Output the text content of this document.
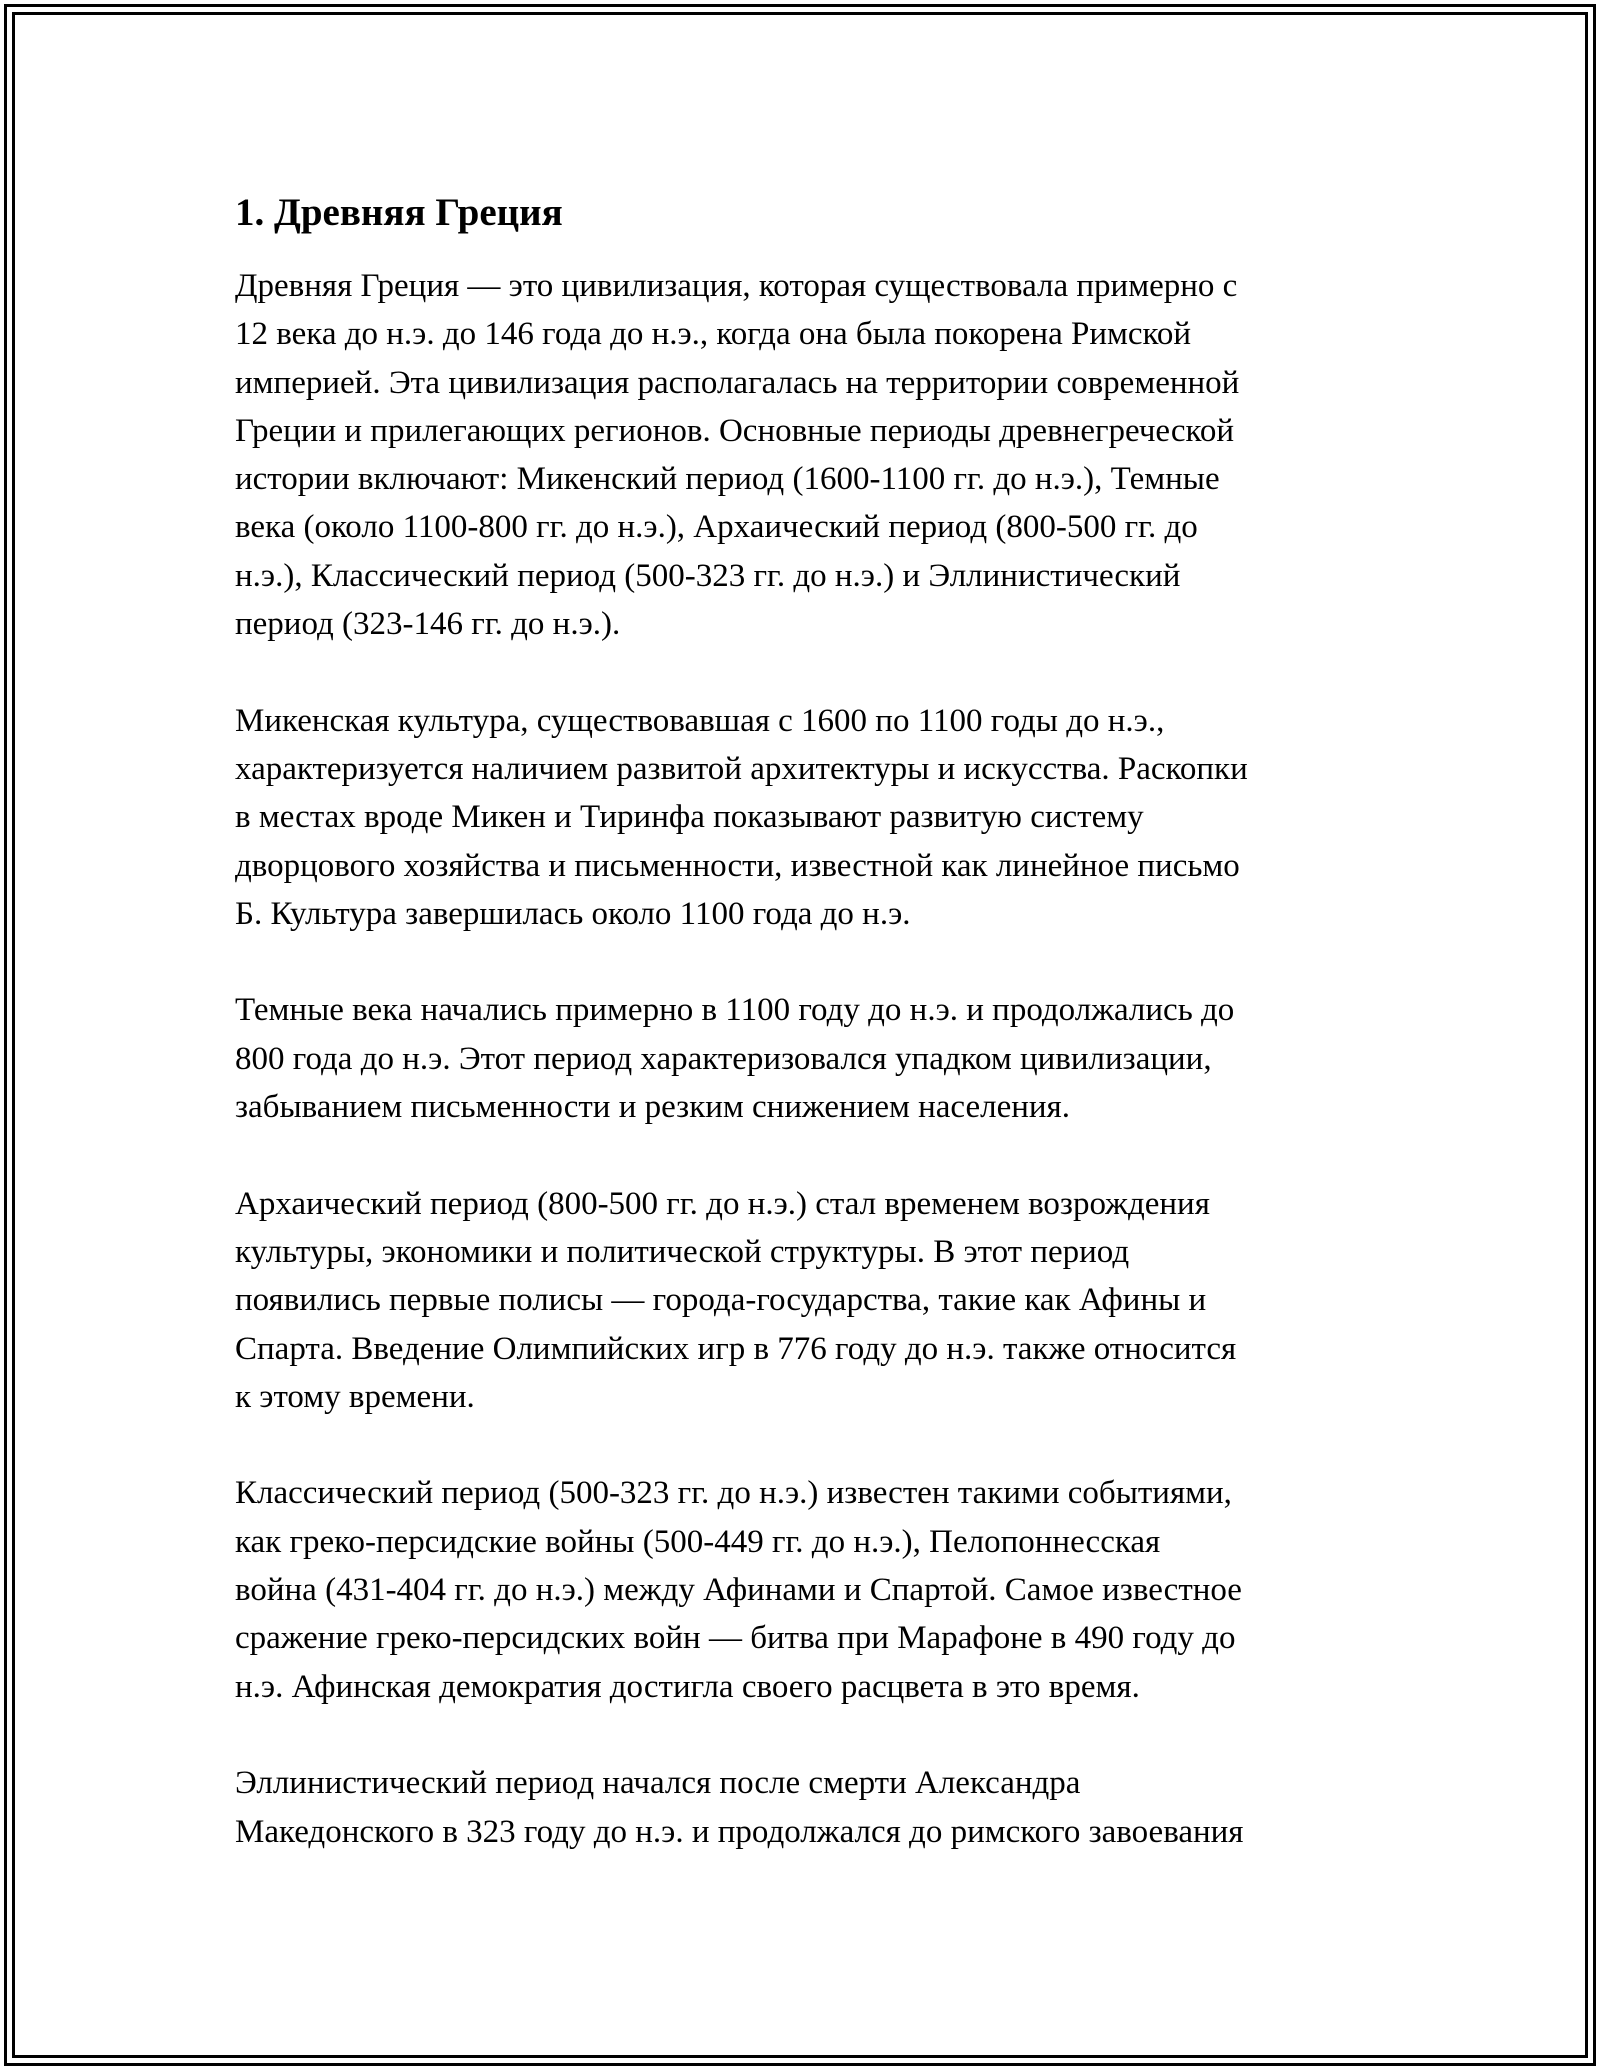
1. Древняя Греция

Древняя Греция — это цивилизация, которая существовала примерно с
12 века до н.э. до 146 года до н.э., когда она была покорена Римской
империей. Эта цивилизация располагалась на территории современной
Греции и прилегающих регионов. Основные периоды древнегреческой
истории включают: Микенский период (1600-1100 гг. до н.э.), Темные
века (около 1100-800 гг. до н.э.), Архаический период (800-500 гг. до
н.э.), Классический период (500-323 гг. до н.э.) и Эллинистический
период (323-146 гг. до н.э.).

Микенская культура, существовавшая с 1600 по 1100 годы до н.э.,
характеризуется наличием развитой архитектуры и искусства. Раскопки
в местах вроде Микен и Тиринфа показывают развитую систему
дворцового хозяйства и письменности, известной как линейное письмо
Б. Культура завершилась около 1100 года до н.э.

Темные века начались примерно в 1100 году до н.э. и продолжались до
800 года до н.э. Этот период характеризовался упадком цивилизации,
забыванием письменности и резким снижением населения.

Архаический период (800-500 гг. до н.э.) стал временем возрождения
культуры, экономики и политической структуры. В этот период
появились первые полисы — города-государства, такие как Афины и
Спарта. Введение Олимпийских игр в 776 году до н.э. также относится
к этому времени.

Классический период (500-323 гг. до н.э.) известен такими событиями,
как греко-персидские войны (500-449 гг. до н.э.), Пелопоннесская
война (431-404 гг. до н.э.) между Афинами и Спартой. Самое известное
сражение греко-персидских войн — битва при Марафоне в 490 году до
н.э. Афинская демократия достигла своего расцвета в это время.

Эллинистический период начался после смерти Александра
Македонского в 323 году до н.э. и продолжался до римского завоевания
